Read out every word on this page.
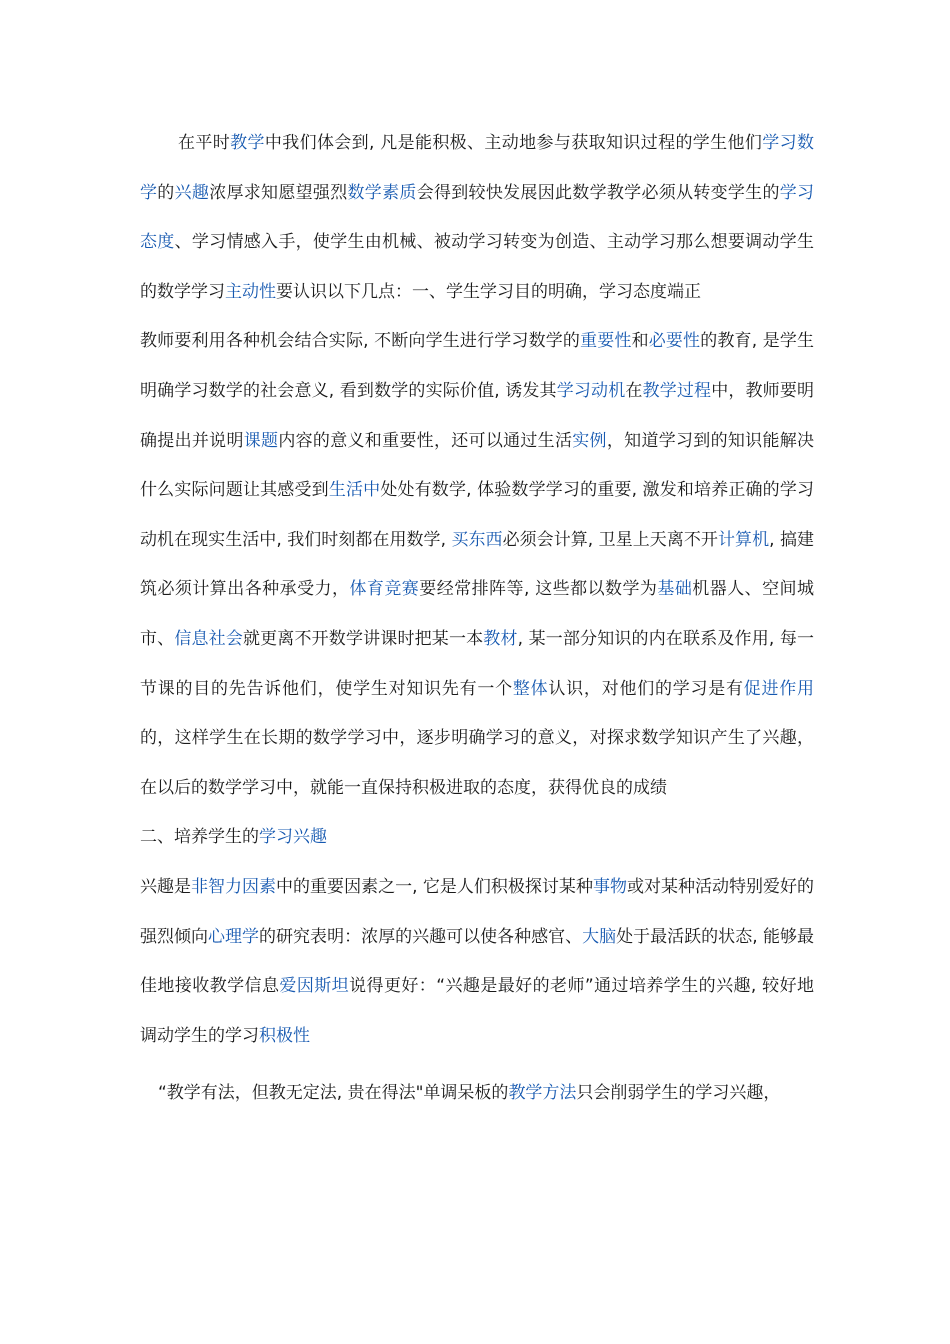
在平时教学中我们体会到, 凡是能积极、主动地参与获取知识过程的学生他们学习数学的兴趣浓厚求知愿望强烈数学素质会得到较快发展因此数学教学必须从转变学生的学习态度、学习情感入手，使学生由机械、被动学习转变为创造、主动学习那么想要调动学生的数学学习主动性要认识以下几点：一、学生学习目的明确，学习态度端正

教师要利用各种机会结合实际, 不断向学生进行学习数学的重要性和必要性的教育, 是学生明确学习数学的社会意义, 看到数学的实际价值, 诱发其学习动机在教学过程中，教师要明确提出并说明课题内容的意义和重要性，还可以通过生活实例，知道学习到的知识能解决什么实际问题让其感受到生活中处处有数学, 体验数学学习的重要, 激发和培养正确的学习动机在现实生活中, 我们时刻都在用数学, 买东西必须会计算, 卫星上天离不开计算机, 搞建筑必须计算出各种承受力，体育竞赛要经常排阵等, 这些都以数学为基础机器人、空间城市、信息社会就更离不开数学讲课时把某一本教材, 某一部分知识的内在联系及作用, 每一节课的目的先告诉他们，使学生对知识先有一个整体认识，对他们的学习是有促进作用的，这样学生在长期的数学学习中，逐步明确学习的意义，对探求数学知识产生了兴趣，在以后的数学学习中，就能一直保持积极进取的态度，获得优良的成绩

二、培养学生的学习兴趣

兴趣是非智力因素中的重要因素之一, 它是人们积极探讨某种事物或对某种活动特别爱好的强烈倾向心理学的研究表明：浓厚的兴趣可以使各种感官、大脑处于最活跃的状态, 能够最佳地接收教学信息爱因斯坦说得更好：“兴趣是最好的老师”通过培养学生的兴趣, 较好地调动学生的学习积极性

“教学有法，但教无定法, 贵在得法"单调呆板的教学方法只会削弱学生的学习兴趣，
